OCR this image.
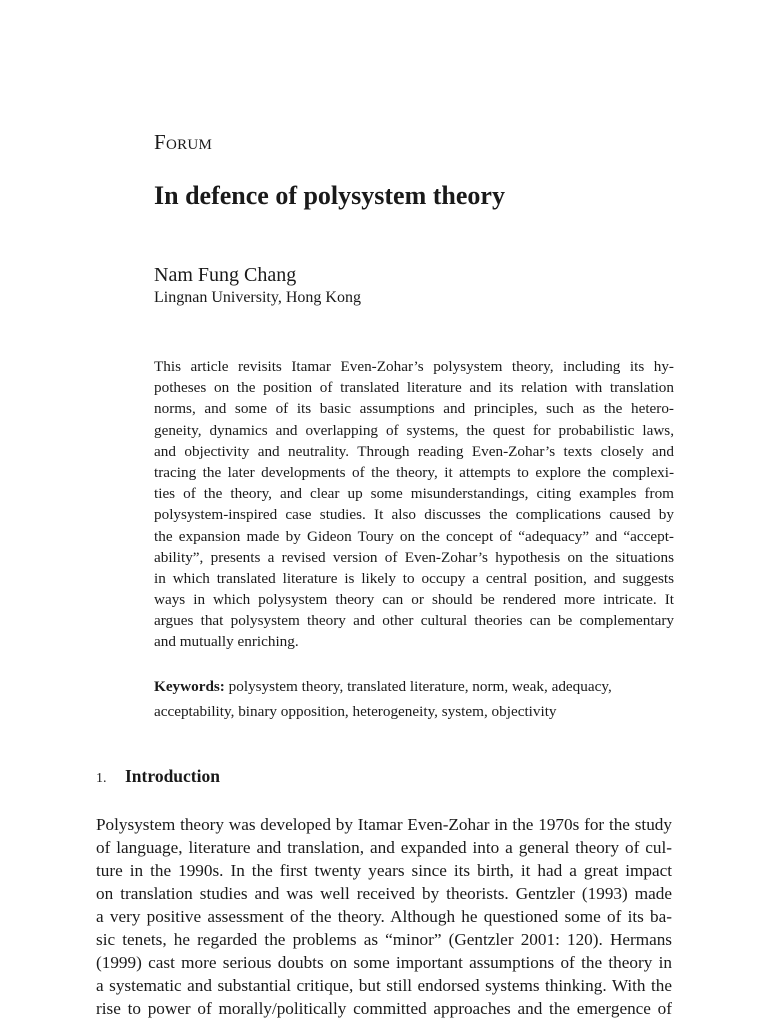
Forum
In defence of polysystem theory
Nam Fung Chang
Lingnan University, Hong Kong
This article revisits Itamar Even-Zohar’s polysystem theory, including its hy-
potheses on the position of translated literature and its relation with translation
norms, and some of its basic assumptions and principles, such as the hetero-
geneity, dynamics and overlapping of systems, the quest for probabilistic laws,
and objectivity and neutrality. Through reading Even-Zohar’s texts closely and
tracing the later developments of the theory, it attempts to explore the complexi-
ties of the theory, and clear up some misunderstandings, citing examples from
polysystem-inspired case studies. It also discusses the complications caused by
the expansion made by Gideon Toury on the concept of “adequacy” and “accept-
ability”, presents a revised version of Even-Zohar’s hypothesis on the situations
in which translated literature is likely to occupy a central position, and suggests
ways in which polysystem theory can or should be rendered more intricate. It
argues that polysystem theory and other cultural theories can be complementary
and mutually enriching.
Keywords: polysystem theory, translated literature, norm, weak, adequacy, acceptability, binary opposition, heterogeneity, system, objectivity
1. Introduction
Polysystem theory was developed by Itamar Even-Zohar in the 1970s for the study
of language, literature and translation, and expanded into a general theory of cul-
ture in the 1990s. In the first twenty years since its birth, it had a great impact
on translation studies and was well received by theorists. Gentzler (1993) made
a very positive assessment of the theory. Although he questioned some of its ba-
sic tenets, he regarded the problems as “minor” (Gentzler 2001: 120). Hermans
(1999) cast more serious doubts on some important assumptions of the theory in
a systematic and substantial critique, but still endorsed systems thinking. With the
rise to power of morally/politically committed approaches and the emergence of
